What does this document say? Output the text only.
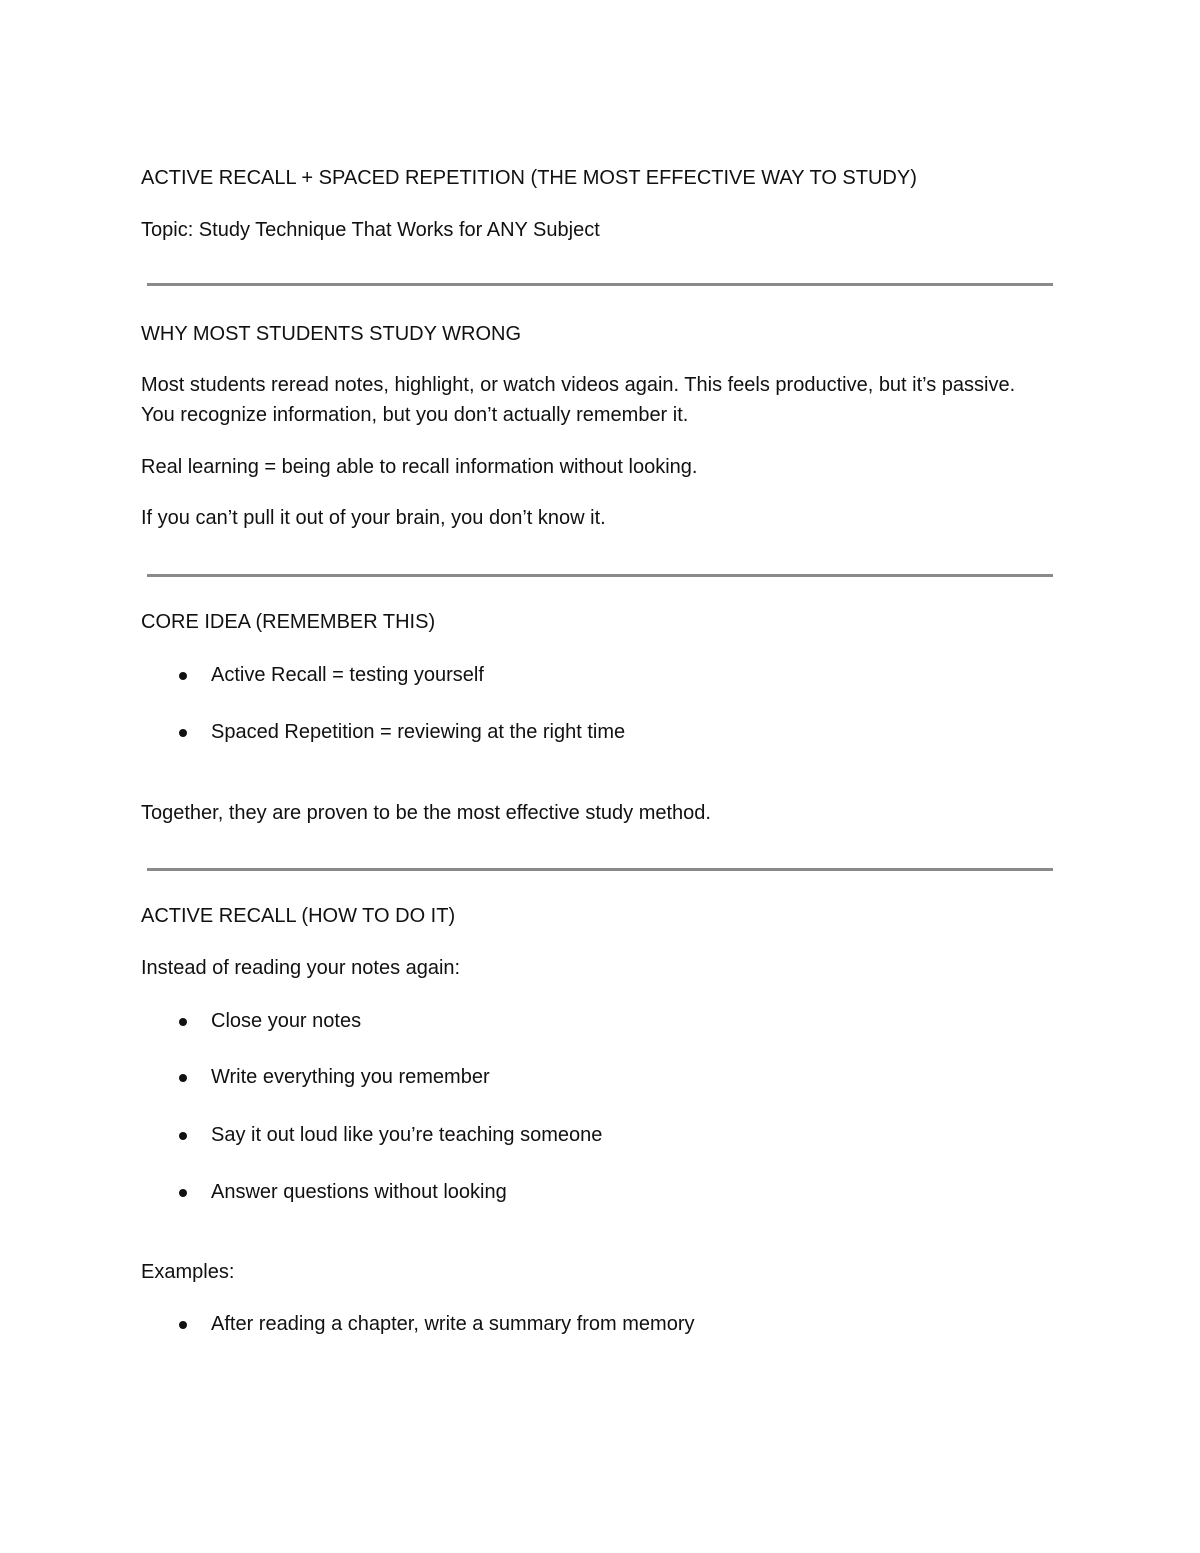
ACTIVE RECALL + SPACED REPETITION (THE MOST EFFECTIVE WAY TO STUDY)

Topic: Study Technique That Works for ANY Subject

WHY MOST STUDENTS STUDY WRONG

Most students reread notes, highlight, or watch videos again. This feels productive, but it’s passive. You recognize information, but you don’t actually remember it.

Real learning = being able to recall information without looking.

If you can’t pull it out of your brain, you don’t know it.

CORE IDEA (REMEMBER THIS)
Active Recall = testing yourself
Spaced Repetition = reviewing at the right time

Together, they are proven to be the most effective study method.

ACTIVE RECALL (HOW TO DO IT)

Instead of reading your notes again:

Close your notes
Write everything you remember
Say it out loud like you’re teaching someone
Answer questions without looking

Examples:

After reading a chapter, write a summary from memory
